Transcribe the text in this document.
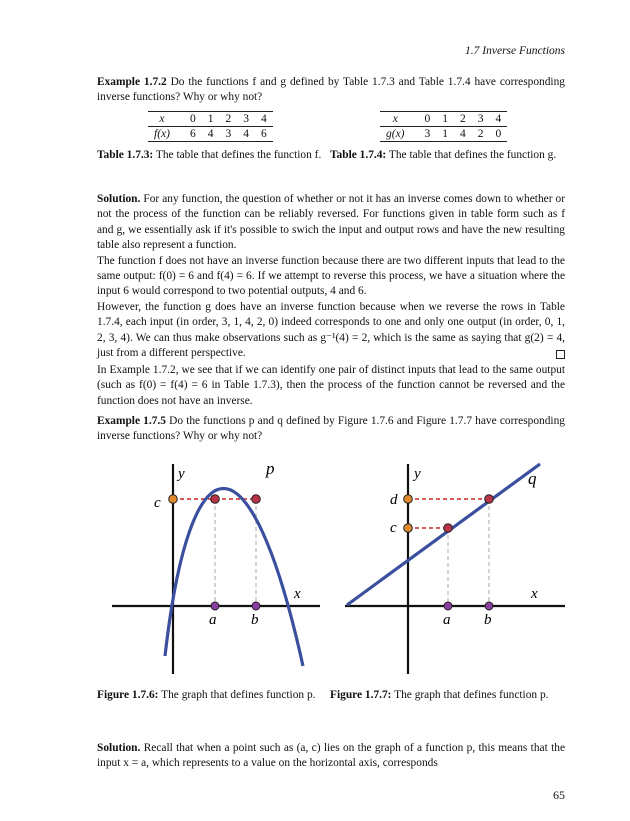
1.7 Inverse Functions
Example 1.7.2 Do the functions f and g defined by Table 1.7.3 and Table 1.7.4 have corresponding inverse functions? Why or why not?
x	0	1	2	3	4
f(x)	6	4	3	4	6
x	0	1	2	3	4
g(x)	3	1	4	2	0
Table 1.7.3: The table that defines the function f. Table 1.7.4: The table that defines the function g.
Solution. For any function, the question of whether or not it has an inverse comes down to whether or not the process of the function can be reliably reversed. For functions given in table form such as f and g, we essentially ask if it's possible to swich the input and output rows and have the new resulting table also represent a function.
The function f does not have an inverse function because there are two different inputs that lead to the same output: f(0) = 6 and f(4) = 6. If we attempt to reverse this process, we have a situation where the input 6 would correspond to two potential outputs, 4 and 6.
However, the function g does have an inverse function because when we reverse the rows in Table 1.7.4, each input (in order, 3, 1, 4, 2, 0) indeed corresponds to one and only one output (in order, 0, 1, 2, 3, 4). We can thus make observations such as g⁻¹(4) = 2, which is the same as saying that g(2) = 4, just from a different perspective.
In Example 1.7.2, we see that if we can identify one pair of distinct inputs that lead to the same output (such as f(0) = f(4) = 6 in Table 1.7.3), then the process of the function cannot be reversed and the function does not have an inverse.
Example 1.7.5 Do the functions p and q defined by Figure 1.7.6 and Figure 1.7.7 have corresponding inverse functions? Why or why not?
y	p
c
x
a b
y	q
d
c
x
a b
Figure 1.7.6: The graph that defines function p.	Figure 1.7.7: The graph that defines function p.
Solution. Recall that when a point such as (a, c) lies on the graph of a function p, this means that the input x = a, which represents to a value on the horizontal axis, corresponds
65
